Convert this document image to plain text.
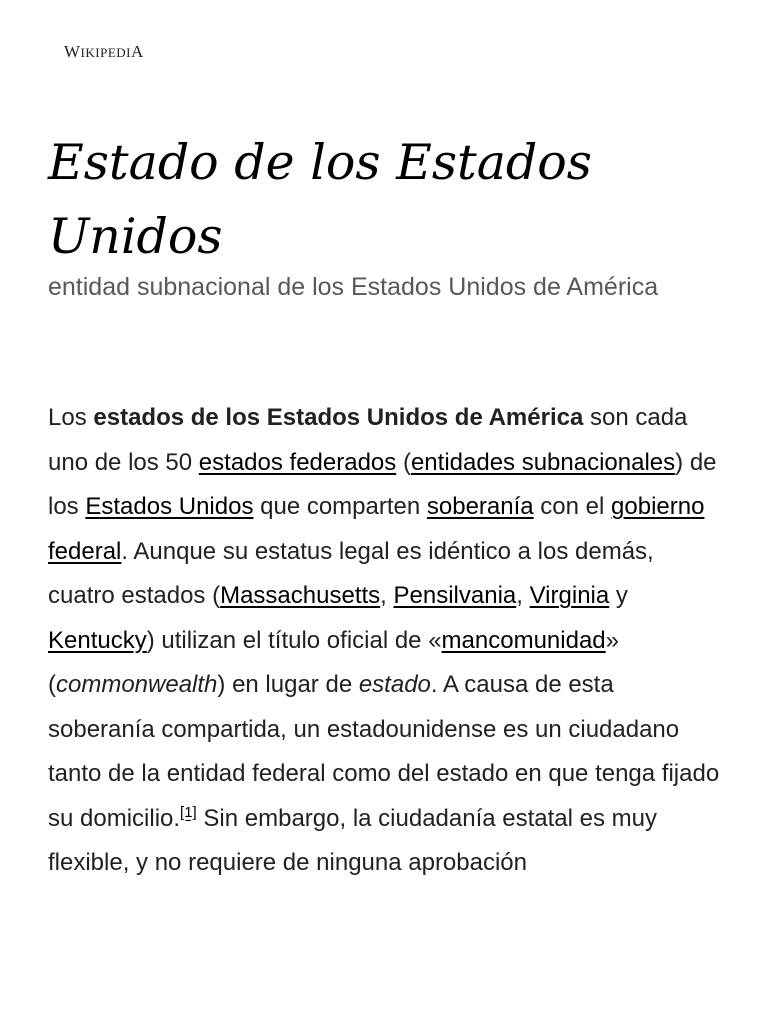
WIKIPEDIA
Estado de los Estados
Unidos

entidad subnacional de los Estados Unidos de América

Los estados de los Estados Unidos de América son cada uno de los 50 estados federados (entidades subnacionales) de los Estados Unidos que comparten soberanía con el gobierno federal. Aunque su estatus legal es idéntico a los demás, cuatro estados (Massachusetts, Pensilvania, Virginia y Kentucky) utilizan el título oficial de «mancomunidad» (commonwealth) en lugar de estado. A causa de esta soberanía compartida, un estadounidense es un ciudadano tanto de la entidad federal como del estado en que tenga fijado su domicilio.[1] Sin embargo, la ciudadanía estatal es muy flexible, y no requiere de ninguna aprobación
